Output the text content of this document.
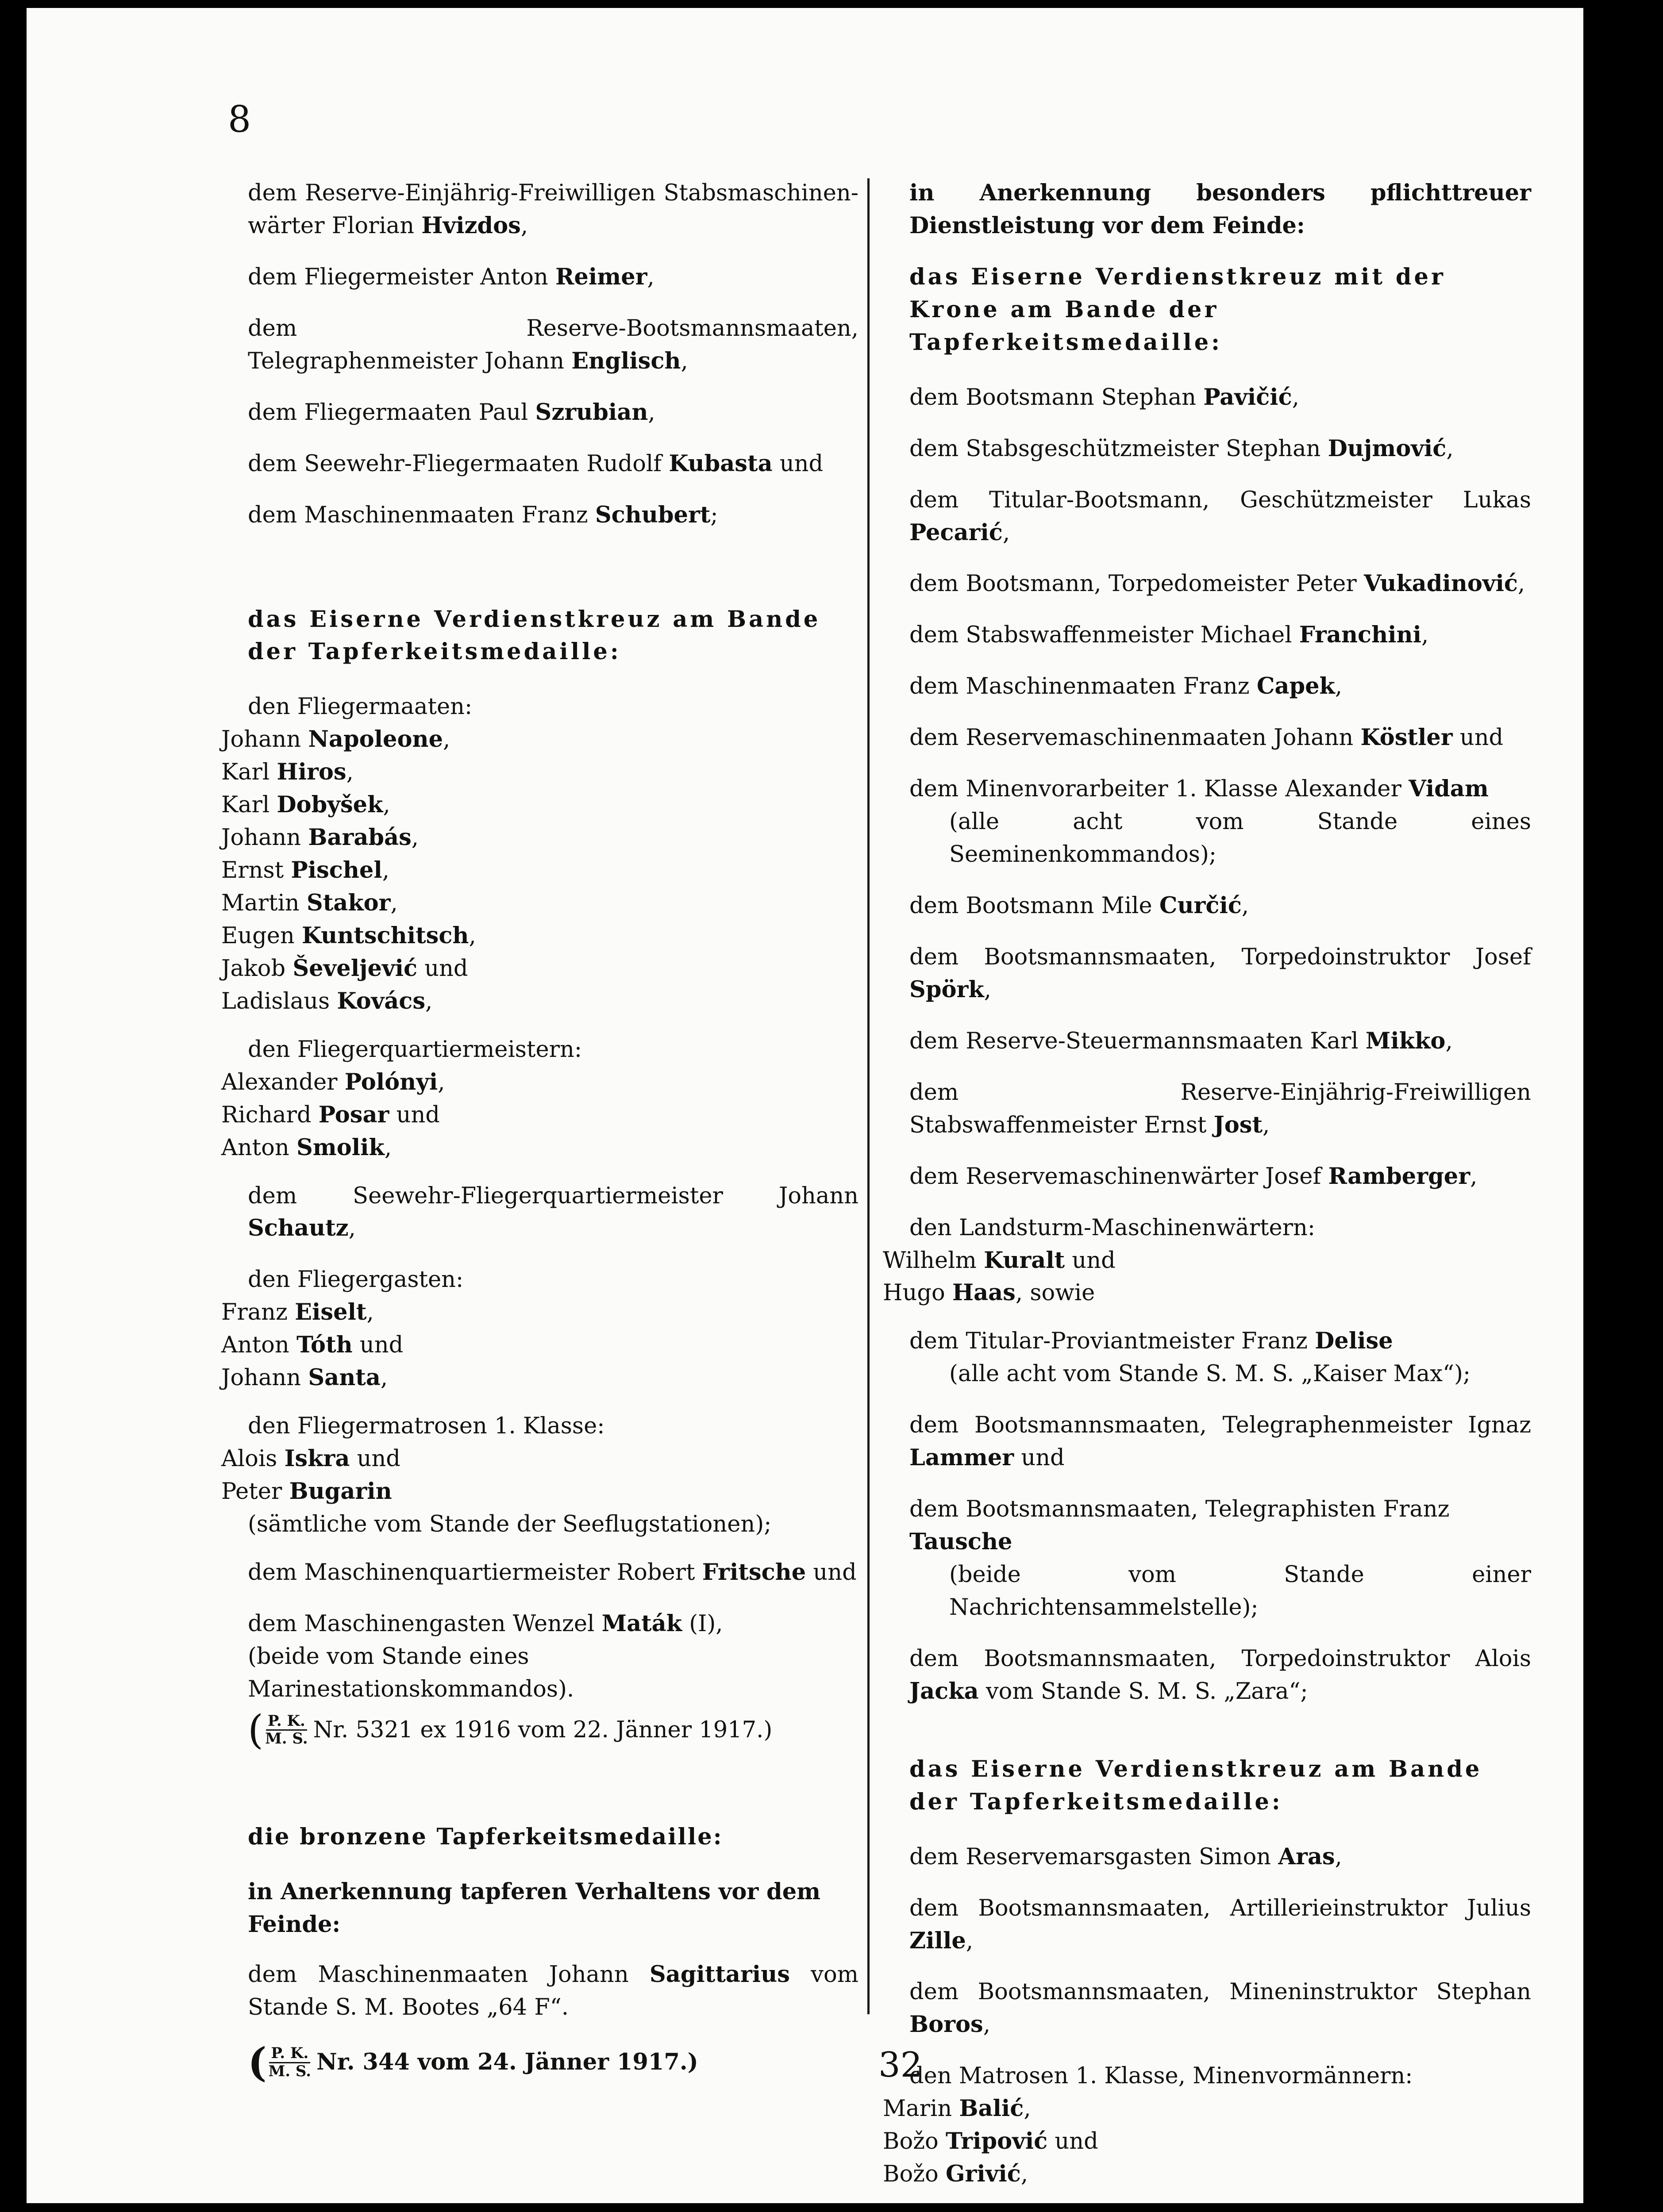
8

dem Reserve-Einjährig-Freiwilligen Stabsmaschinen-wärter Florian Hvizdos,

dem Fliegermeister Anton Reimer,

dem Reserve-Bootsmannsmaaten, Telegraphenmeister Johann Englisch,

dem Fliegermaaten Paul Szrubian,

dem Seewehr-Fliegermaaten Rudolf Kubasta und

dem Maschinenmaaten Franz Schubert;

das Eiserne Verdienstkreuz am Bande der Tapferkeitsmedaille:

den Fliegermaaten:

Johann Napoleone,

Karl Hiros,

Karl Dobyšek,

Johann Barabás,

Ernst Pischel,

Martin Stakor,

Eugen Kuntschitsch,

Jakob Ševeljević und

Ladislaus Kovács,

den Fliegerquartiermeistern:

Alexander Polónyi,

Richard Posar und

Anton Smolik,

dem Seewehr-Fliegerquartiermeister Johann Schautz,

den Fliegergasten:

Franz Eiselt,

Anton Tóth und

Johann Santa,

den Fliegermatrosen 1. Klasse:

Alois Iskra und

Peter Bugarin

(sämtliche vom Stande der Seeflugstationen);

dem Maschinenquartiermeister Robert Fritsche und

dem Maschinengasten Wenzel Maták (I),

(beide vom Stande eines Marinestationskommandos).

( $\frac{P. K.}{M. S.} Nr$. 5321 ex 1916 vom 22. Jänner 1917.)

die bronzene Tapferkeitsmedaille:

in Anerkennung tapferen Verhaltens vor dem Feinde:

dem Maschinenmaaten Johann Sagittarius vom Stande S. M. Bootes „64 F“.

( $\frac{P. K.}{M. S.} Nr$. 344 vom 24. Jänner 1917.)

in Anerkennung besonders pflichttreuer Dienstleistung vor dem Feinde:

das Eiserne Verdienstkreuz mit der Krone am Bande der Tapferkeitsmedaille:

dem Bootsmann Stephan Pavičić,

dem Stabsgeschützmeister Stephan Dujmović,

dem Titular-Bootsmann, Geschützmeister Lukas Pecarić,

dem Bootsmann, Torpedomeister Peter Vukadinović,

dem Stabswaffenmeister Michael Franchini,

dem Maschinenmaaten Franz Capek,

dem Reservemaschinenmaaten Johann Köstler und

dem Minenvorarbeiter 1. Klasse Alexander Vidam

(alle acht vom Stande eines Seeminenkommandos);

dem Bootsmann Mile Curčić,

dem Bootsmannsmaaten, Torpedoinstruktor Josef Spörk,

dem Reserve-Steuermannsmaaten Karl Mikko,

dem Reserve-Einjährig-Freiwilligen Stabswaffenmeister Ernst Jost,

dem Reservemaschinenwärter Josef Ramberger,

den Landsturm-Maschinenwärtern:

Wilhelm Kuralt und

Hugo Haas, sowie

dem Titular-Proviantmeister Franz Delise

(alle acht vom Stande S. M. S. „Kaiser Max“);

dem Bootsmannsmaaten, Telegraphenmeister Ignaz Lammer und

dem Bootsmannsmaaten, Telegraphisten Franz Tausche

(beide vom Stande einer Nachrichtensammelstelle);

dem Bootsmannsmaaten, Torpedoinstruktor Alois Jacka vom Stande S. M. S. „Zara“;

das Eiserne Verdienstkreuz am Bande der Tapferkeitsmedaille:

dem Reservemarsgasten Simon Aras,

dem Bootsmannsmaaten, Artillerieinstruktor Julius Zille,

dem Bootsmannsmaaten, Mineninstruktor Stephan Boros,

den Matrosen 1. Klasse, Minenvormännern:

Marin Balić,

Božo Tripović und

Božo Grivić,

32
